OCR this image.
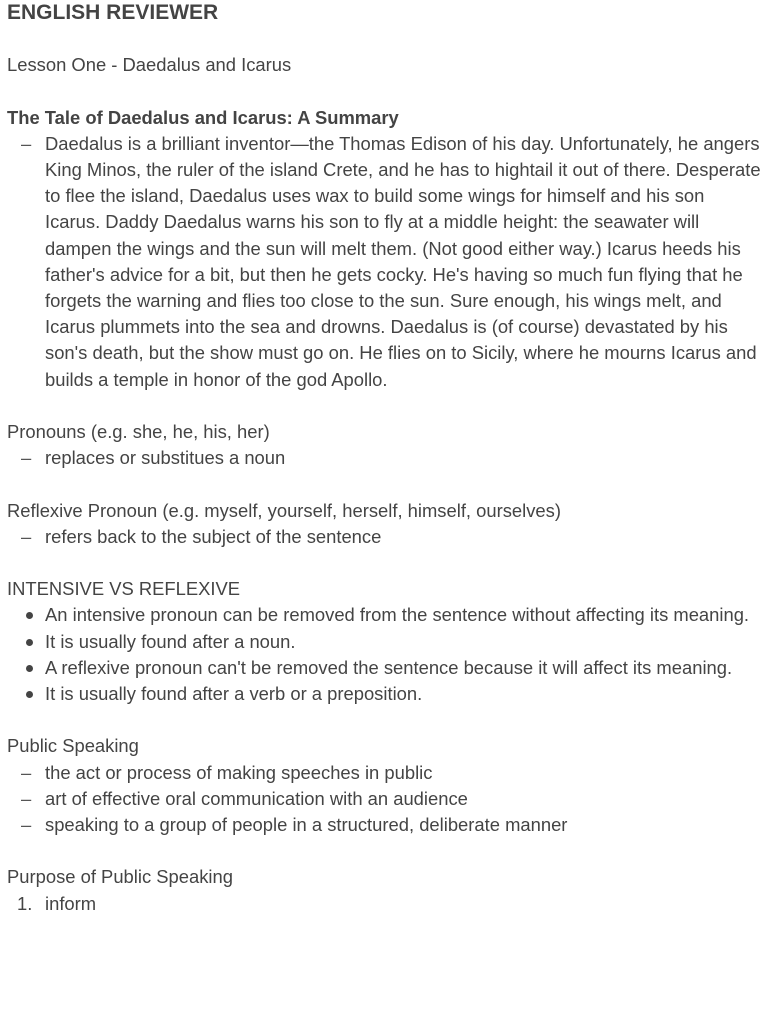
ENGLISH REVIEWER

Lesson One - Daedalus and Icarus

The Tale of Daedalus and Icarus: A Summary

– Daedalus is a brilliant inventor—the Thomas Edison of his day. Unfortunately, he angers King Minos, the ruler of the island Crete, and he has to hightail it out of there. Desperate to flee the island, Daedalus uses wax to build some wings for himself and his son Icarus. Daddy Daedalus warns his son to fly at a middle height: the seawater will dampen the wings and the sun will melt them. (Not good either way.) Icarus heeds his father's advice for a bit, but then he gets cocky. He's having so much fun flying that he forgets the warning and flies too close to the sun. Sure enough, his wings melt, and Icarus plummets into the sea and drowns. Daedalus is (of course) devastated by his son's death, but the show must go on. He flies on to Sicily, where he mourns Icarus and builds a temple in honor of the god Apollo.

Pronouns (e.g. she, he, his, her)

– replaces or substitues a noun

Reflexive Pronoun (e.g. myself, yourself, herself, himself, ourselves)

– refers back to the subject of the sentence

INTENSIVE VS REFLEXIVE

An intensive pronoun can be removed from the sentence without affecting its meaning.
It is usually found after a noun.
A reflexive pronoun can't be removed the sentence because it will affect its meaning.
It is usually found after a verb or a preposition.

Public Speaking

– the act or process of making speeches in public
– art of effective oral communication with an audience
– speaking to a group of people in a structured, deliberate manner

Purpose of Public Speaking

1. inform
